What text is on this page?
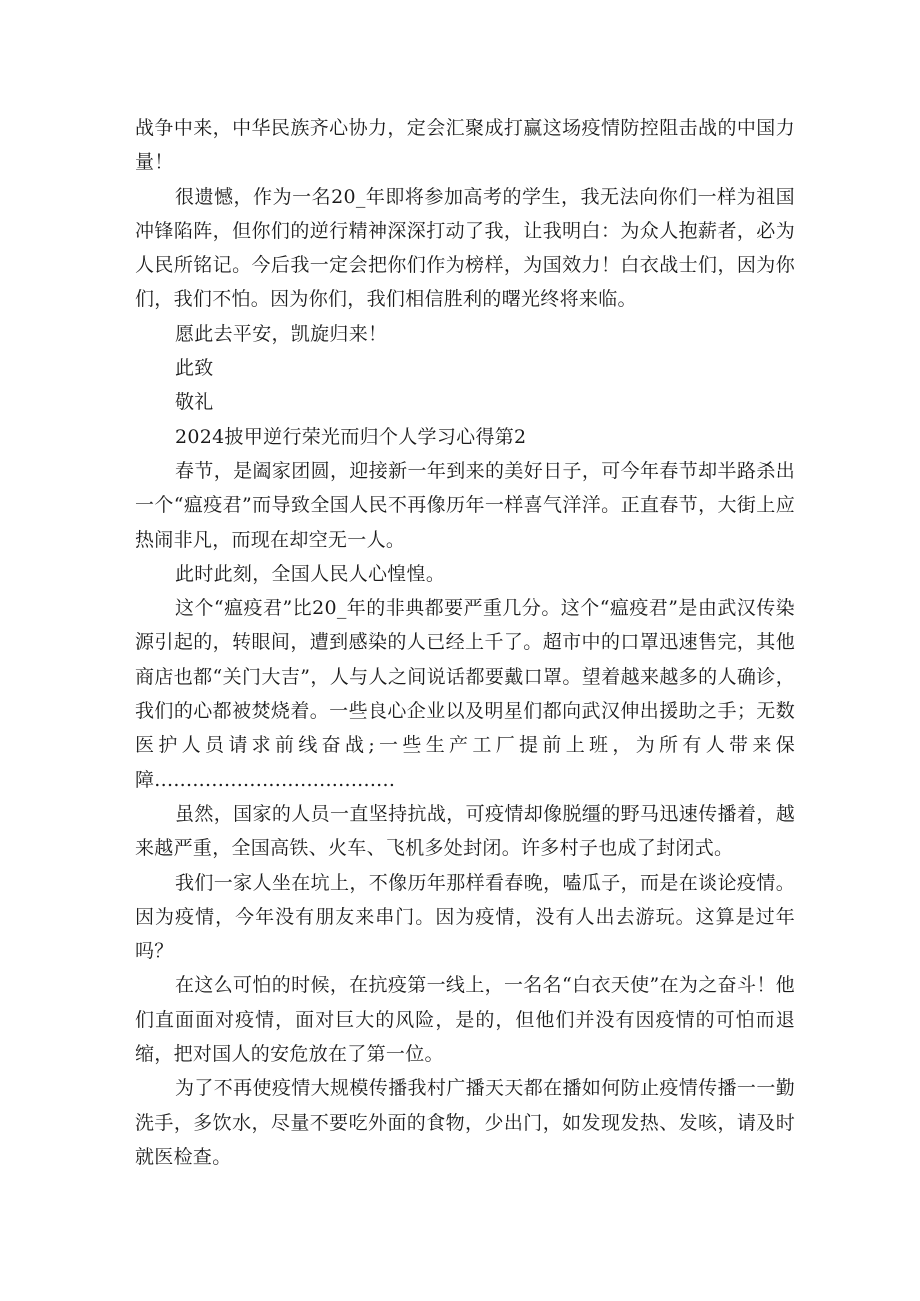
战争中来，中华民族齐心协力，定会汇聚成打赢这场疫情防控阻击战的中国力量！

很遗憾，作为一名20_年即将参加高考的学生，我无法向你们一样为祖国冲锋陷阵，但你们的逆行精神深深打动了我，让我明白：为众人抱薪者，必为人民所铭记。今后我一定会把你们作为榜样，为国效力！白衣战士们，因为你们，我们不怕。因为你们，我们相信胜利的曙光终将来临。

愿此去平安，凯旋归来！

此致

敬礼

2024披甲逆行荣光而归个人学习心得第2

春节，是阖家团圆，迎接新一年到来的美好日子，可今年春节却半路杀出一个“瘟疫君”而导致全国人民不再像历年一样喜气洋洋。正直春节，大街上应热闹非凡，而现在却空无一人。

此时此刻，全国人民人心惶惶。

这个“瘟疫君”比20_年的非典都要严重几分。这个“瘟疫君”是由武汉传染源引起的，转眼间，遭到感染的人已经上千了。超市中的口罩迅速售完，其他商店也都“关门大吉”，人与人之间说话都要戴口罩。望着越来越多的人确诊，我们的心都被焚烧着。一些良心企业以及明星们都向武汉伸出援助之手；无数医护人员请求前线奋战;一些生产工厂提前上班，为所有人带来保障......................................

虽然，国家的人员一直坚持抗战，可疫情却像脱缰的野马迅速传播着，越来越严重，全国高铁、火车、飞机多处封闭。许多村子也成了封闭式。

我们一家人坐在坑上，不像历年那样看春晚，嗑瓜子，而是在谈论疫情。因为疫情，今年没有朋友来串门。因为疫情，没有人出去游玩。这算是过年吗？

在这么可怕的时候，在抗疫第一线上，一名名“白衣天使”在为之奋斗！他们直面面对疫情，面对巨大的风险，是的，但他们并没有因疫情的可怕而退缩，把对国人的安危放在了第一位。

为了不再使疫情大规模传播我村广播天天都在播如何防止疫情传播一一勤洗手，多饮水，尽量不要吃外面的食物，少出门，如发现发热、发咳，请及时就医检查。
